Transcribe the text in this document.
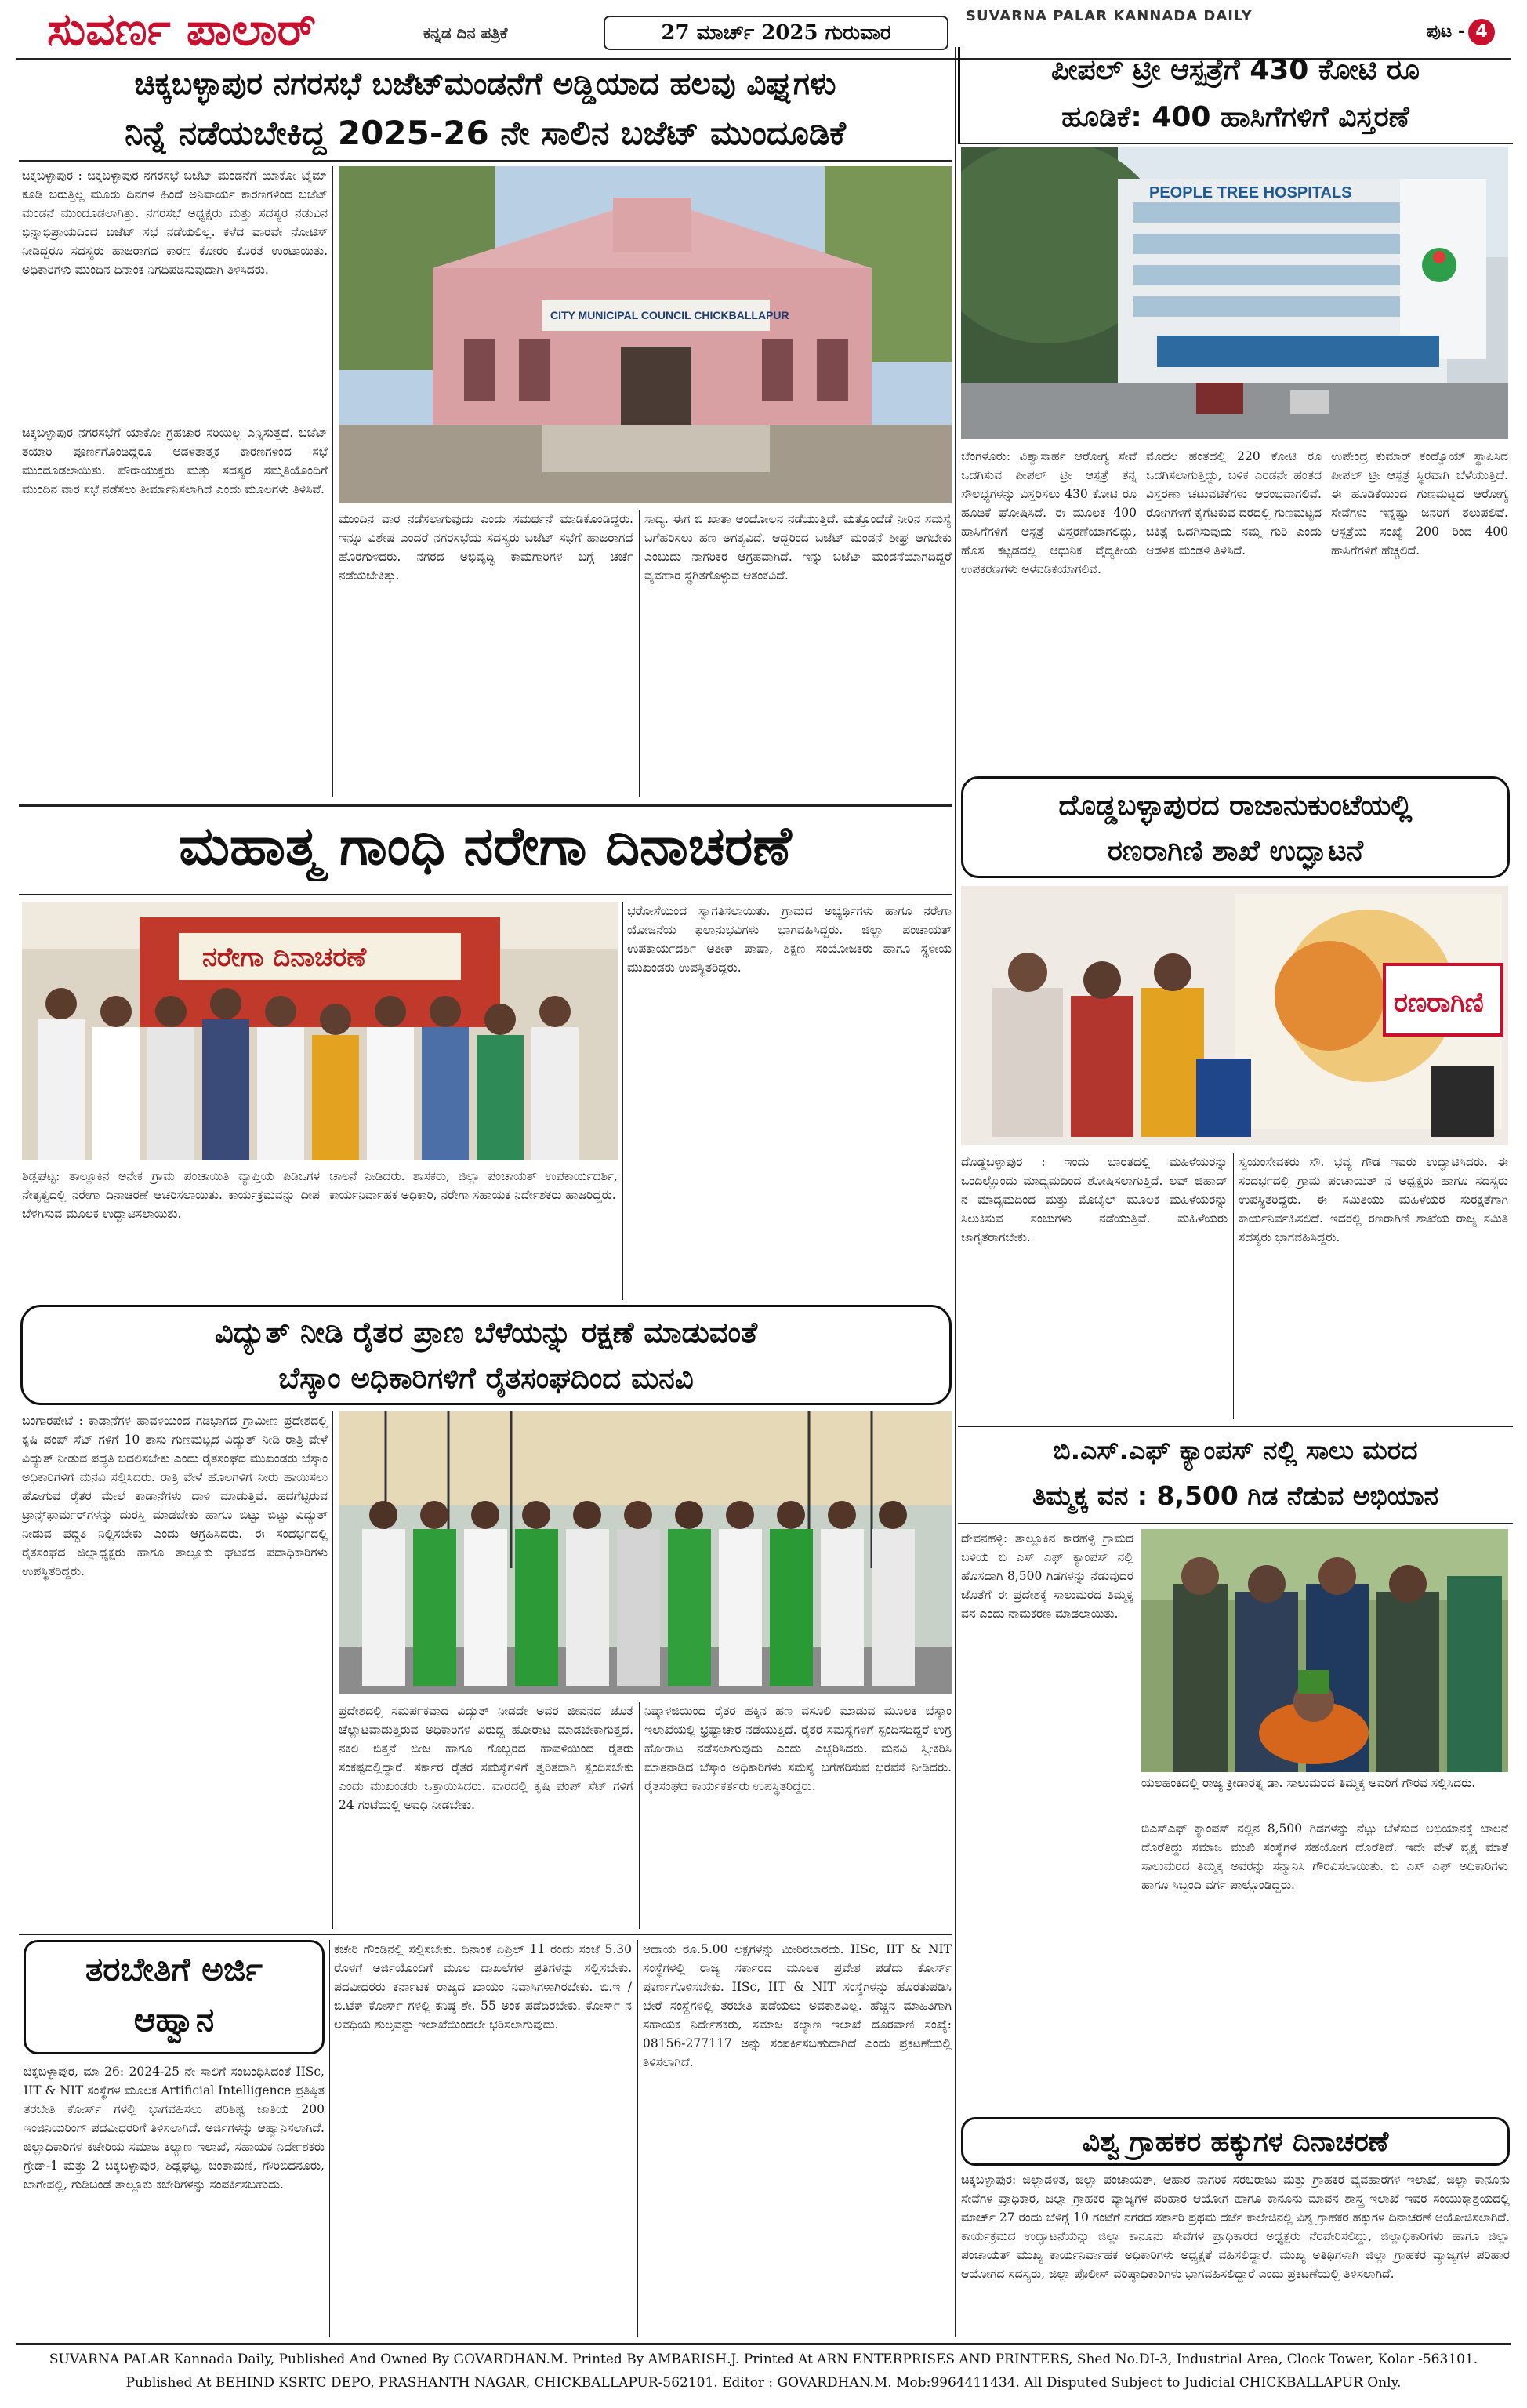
ಸುವರ್ಣ ಪಾಲಾರ್	ಕನ್ನಡ ದಿನ ಪತ್ರಿಕೆ	27 ಮಾರ್ಚ್ 2025 ಗುರುವಾರ
SUVARNA PALAR KANNADA DAILY
ಪುಟ - 4
ಚಿಕ್ಕಬಳ್ಳಾಪುರ ನಗರಸಭೆ ಬಜೆಟ್‌ಮಂಡನೆಗೆ ಅಡ್ಡಿಯಾದ ಹಲವು ವಿಘ್ನಗಳು
ನಿನ್ನೆ ನಡೆಯಬೇಕಿದ್ದ 2025-26 ನೇ ಸಾಲಿನ ಬಜೆಟ್ ಮುಂದೂಡಿಕೆ
ಪೀಪಲ್ ಟ್ರೀ ಆಸ್ಪತ್ರೆಗೆ 430 ಕೋಟಿ ರೂ
ಹೂಡಿಕೆ: 400 ಹಾಸಿಗೆಗಳಿಗೆ ವಿಸ್ತರಣೆ
PEOPLE TREE HOSPITALS
ಬೆಂಗಳೂರು: ವಿಶ್ವಾಸಾರ್ಹ ಆರೋಗ್ಯ ಸೇವೆ ಒದಗಿಸುವ ಪೀಪಲ್ ಟ್ರೀ ಆಸ್ಪತ್ರೆ ತನ್ನ ಸೌಲಭ್ಯಗಳನ್ನು ವಿಸ್ತರಿಸಲು 430 ಕೋಟಿ ರೂ ಹೂಡಿಕೆ ಘೋಷಿಸಿದೆ. ಈ ಮೂಲಕ 400 ಹಾಸಿಗೆಗಳಿಗೆ ಆಸ್ಪತ್ರೆ ವಿಸ್ತರಣೆಯಾಗಲಿದ್ದು, ಹೊಸ ಕಟ್ಟಡದಲ್ಲಿ ಆಧುನಿಕ ವೈದ್ಯಕೀಯ ಉಪಕರಣಗಳು ಅಳವಡಿಕೆಯಾಗಲಿವೆ.
ಮೊದಲ ಹಂತದಲ್ಲಿ 220 ಕೋಟಿ ರೂ ಒದಗಿಸಲಾಗುತ್ತಿದ್ದು, ಬಳಿಕ ಎರಡನೇ ಹಂತದ ವಿಸ್ತರಣಾ ಚಟುವಟಿಕೆಗಳು ಆರಂಭವಾಗಲಿವೆ. ರೋಗಿಗಳಿಗೆ ಕೈಗೆಟಕುವ ದರದಲ್ಲಿ ಗುಣಮಟ್ಟದ ಚಿಕಿತ್ಸೆ ಒದಗಿಸುವುದು ನಮ್ಮ ಗುರಿ ಎಂದು ಆಡಳಿತ ಮಂಡಳಿ ತಿಳಿಸಿದೆ.
ಉಪೇಂದ್ರ ಕುಮಾರ್ ಕಂದ್ವೊಯ್ ಸ್ಥಾಪಿಸಿದ ಪೀಪಲ್ ಟ್ರೀ ಆಸ್ಪತ್ರೆ ಸ್ಥಿರವಾಗಿ ಬೆಳೆಯುತ್ತಿದೆ. ಈ ಹೂಡಿಕೆಯಿಂದ ಗುಣಮಟ್ಟದ ಆರೋಗ್ಯ ಸೇವೆಗಳು ಇನ್ನಷ್ಟು ಜನರಿಗೆ ತಲುಪಲಿವೆ. ಆಸ್ಪತ್ರೆಯ ಸಂಖ್ಯೆ 200 ರಿಂದ 400 ಹಾಸಿಗೆಗಳಿಗೆ ಹೆಚ್ಚಲಿದೆ.
ಚಿಕ್ಕಬಳ್ಳಾಪುರ : ಚಿಕ್ಕಬಳ್ಳಾಪುರ ನಗರಸಭೆ ಬಜೆಟ್ ಮಂಡನೆಗೆ ಯಾಕೋ ಟೈಮ್ ಕೂಡಿ ಬರುತ್ತಿಲ್ಲ ಮೂರು ದಿನಗಳ ಹಿಂದೆ ಅನಿವಾರ್ಯ ಕಾರಣಗಳಿಂದ ಬಜೆಟ್ ಮಂಡನೆ ಮುಂದೂಡಲಾಗಿತ್ತು. ನಗರಸಭೆ ಅಧ್ಯಕ್ಷರು ಮತ್ತು ಸದಸ್ಯರ ನಡುವಿನ ಭಿನ್ನಾಭಿಪ್ರಾಯದಿಂದ ಬಜೆಟ್ ಸಭೆ ನಡೆಯಲಿಲ್ಲ. ಕಳೆದ ವಾರವೇ ನೋಟಿಸ್ ನೀಡಿದ್ದರೂ ಸದಸ್ಯರು ಹಾಜರಾಗದ ಕಾರಣ ಕೋರಂ ಕೊರತೆ ಉಂಟಾಯಿತು. ಅಧಿಕಾರಿಗಳು ಮುಂದಿನ ದಿನಾಂಕ ನಿಗದಿಪಡಿಸುವುದಾಗಿ ತಿಳಿಸಿದರು.
CITY MUNICIPAL COUNCIL CHICKBALLAPUR
ಚಿಕ್ಕಬಳ್ಳಾಪುರ ನಗರಸಭೆಗೆ ಯಾಕೋ ಗ್ರಹಚಾರ ಸರಿಯಿಲ್ಲ ಎನ್ನಿಸುತ್ತದೆ. ಬಜೆಟ್ ತಯಾರಿ ಪೂರ್ಣಗೊಂಡಿದ್ದರೂ ಆಡಳಿತಾತ್ಮಕ ಕಾರಣಗಳಿಂದ ಸಭೆ ಮುಂದೂಡಲಾಯಿತು. ಪೌರಾಯುಕ್ತರು ಮತ್ತು ಸದಸ್ಯರ ಸಮ್ಮತಿಯೊಂದಿಗೆ ಮುಂದಿನ ವಾರ ಸಭೆ ನಡೆಸಲು ತೀರ್ಮಾನಿಸಲಾಗಿದೆ ಎಂದು ಮೂಲಗಳು ತಿಳಿಸಿವೆ.
ಮುಂದಿನ ವಾರ ನಡೆಸಲಾಗುವುದು ಎಂದು ಸಮರ್ಥನೆ ಮಾಡಿಕೊಂಡಿದ್ದರು. ಇನ್ನೂ ವಿಶೇಷ ಎಂದರೆ ನಗರಸಭೆಯ ಸದಸ್ಯರು ಬಜೆಟ್ ಸಭೆಗೆ ಹಾಜರಾಗದೆ ಹೊರಗುಳಿದರು. ನಗರದ ಅಭಿವೃದ್ಧಿ ಕಾಮಗಾರಿಗಳ ಬಗ್ಗೆ ಚರ್ಚೆ ನಡೆಯಬೇಕಿತ್ತು.
ಸಾದ್ಯ. ಈಗ ಬಿ ಖಾತಾ ಆಂದೋಲನ ನಡೆಯುತ್ತಿದೆ. ಮತ್ತೊಂದೆಡೆ ನೀರಿನ ಸಮಸ್ಯೆ ಬಗೆಹರಿಸಲು ಹಣ ಅಗತ್ಯವಿದೆ. ಆದ್ದರಿಂದ ಬಜೆಟ್ ಮಂಡನೆ ಶೀಘ್ರ ಆಗಬೇಕು ಎಂಬುದು ನಾಗರಿಕರ ಆಗ್ರಹವಾಗಿದೆ. ಇನ್ನು ಬಜೆಟ್ ಮಂಡನೆಯಾಗದಿದ್ದರೆ ವ್ಯವಹಾರ ಸ್ಥಗಿತಗೊಳ್ಳುವ ಆತಂಕವಿದೆ.
ದೊಡ್ಡಬಳ್ಳಾಪುರದ ರಾಜಾನುಕುಂಟೆಯಲ್ಲಿ
ರಣರಾಗಿಣಿ ಶಾಖೆ ಉದ್ಘಾಟನೆ
ರಣರಾಗಿಣಿ
ದೊಡ್ಡಬಳ್ಳಾಪುರ : ಇಂದು ಭಾರತದಲ್ಲಿ ಮಹಿಳೆಯರನ್ನು ಒಂದಿಲ್ಲೊಂದು ಮಾದ್ಯಮದಿಂದ ಶೋಷಿಸಲಾಗುತ್ತಿದೆ. ಲವ್ ಜಿಹಾದ್ ನ ಮಾದ್ಯಮದಿಂದ ಮತ್ತು ಮೊಬೈಲ್ ಮೂಲಕ ಮಹಿಳೆಯರನ್ನು ಸಿಲುಕಿಸುವ ಸಂಚುಗಳು ನಡೆಯುತ್ತಿವೆ. ಮಹಿಳೆಯರು ಜಾಗೃತರಾಗಬೇಕು.
ಸ್ವಯಂಸೇವಕರು ಸೌ. ಭವ್ಯ ಗೌಡ ಇವರು ಉದ್ಘಾಟಿಸಿದರು. ಈ ಸಂದರ್ಭದಲ್ಲಿ ಗ್ರಾಮ ಪಂಚಾಯತ್‌ ನ ಅಧ್ಯಕ್ಷರು ಹಾಗೂ ಸದಸ್ಯರು ಉಪಸ್ಥಿತರಿದ್ದರು. ಈ ಸಮಿತಿಯು ಮಹಿಳೆಯರ ಸುರಕ್ಷತೆಗಾಗಿ ಕಾರ್ಯನಿರ್ವಹಿಸಲಿದೆ. ಇದರಲ್ಲಿ ರಣರಾಗಿಣಿ ಶಾಖೆಯ ರಾಜ್ಯ ಸಮಿತಿ ಸದಸ್ಯರು ಭಾಗವಹಿಸಿದ್ದರು.
ಬಿ.ಎಸ್.ಎಫ್ ಕ್ಯಾಂಪಸ್ ನಲ್ಲಿ ಸಾಲು ಮರದ
ತಿಮ್ಮಕ್ಕ ವನ : 8,500 ಗಿಡ ನೆಡುವ ಅಭಿಯಾನ
ದೇವನಹಳ್ಳಿ: ತಾಲ್ಲೂಕಿನ ಕಾರಹಳ್ಳಿ ಗ್ರಾಮದ ಬಳಿಯ ಬಿ ಎಸ್ ಎಫ್ ಕ್ಯಾಂಪಸ್ ನಲ್ಲಿ ಹೊಸದಾಗಿ 8,500 ಗಿಡಗಳನ್ನು ನೆಡುವುದರ ಜೊತೆಗೆ ಈ ಪ್ರದೇಶಕ್ಕೆ ಸಾಲುಮರದ ತಿಮ್ಮಕ್ಕ ವನ ಎಂದು ನಾಮಕರಣ ಮಾಡಲಾಯಿತು.
ಯಲಹಂಕದಲ್ಲಿ ರಾಜ್ಯ ಕ್ರೀಡಾರತ್ನ ಡಾ. ಸಾಲುಮರದ ತಿಮ್ಮಕ್ಕ ಅವರಿಗೆ ಗೌರವ ಸಲ್ಲಿಸಿದರು.
ಬಿಎಸ್‌ಎಫ್ ಕ್ಯಾಂಪಸ್ ನಲ್ಲಿನ 8,500 ಗಿಡಗಳನ್ನು ನೆಟ್ಟು ಬೆಳೆಸುವ ಅಭಿಯಾನಕ್ಕೆ ಚಾಲನೆ ದೊರೆತಿದ್ದು ಸಮಾಜ ಮುಖಿ ಸಂಸ್ಥೆಗಳ ಸಹಯೋಗ ದೊರೆತಿದೆ. ಇದೇ ವೇಳೆ ವೃಕ್ಷ ಮಾತೆ ಸಾಲುಮರದ ತಿಮ್ಮಕ್ಕ ಅವರನ್ನು ಸನ್ಮಾನಿಸಿ ಗೌರವಿಸಲಾಯಿತು. ಬಿ ಎಸ್ ಎಫ್ ಅಧಿಕಾರಿಗಳು ಹಾಗೂ ಸಿಬ್ಬಂದಿ ವರ್ಗ ಪಾಲ್ಗೊಂಡಿದ್ದರು.
ಮಹಾತ್ಮ ಗಾಂಧಿ ನರೇಗಾ ದಿನಾಚರಣೆ
ನರೇಗಾ ದಿನಾಚರಣೆ
ಶಿಡ್ಲಘಟ್ಟ: ತಾಲ್ಲೂಕಿನ ಅನೇಕ ಗ್ರಾಮ ಪಂಚಾಯಿತಿ ವ್ಯಾಪ್ತಿಯ ಪಿಡಿಒಗಳ ನೇತೃತ್ವದಲ್ಲಿ ನರೇಗಾ ದಿನಾಚರಣೆ ಆಚರಿಸಲಾಯಿತು. ಕಾರ್ಯಕ್ರಮವನ್ನು ದೀಪ ಬೆಳಗಿಸುವ ಮೂಲಕ ಉದ್ಘಾಟಿಸಲಾಯಿತು.
ಚಾಲನೆ ನೀಡಿದರು. ಶಾಸಕರು, ಜಿಲ್ಲಾ ಪಂಚಾಯತ್ ಉಪಕಾರ್ಯದರ್ಶಿ, ಕಾರ್ಯನಿರ್ವಾಹಕ ಅಧಿಕಾರಿ, ನರೇಗಾ ಸಹಾಯಕ ನಿರ್ದೇಶಕರು ಹಾಜರಿದ್ದರು.
ಭರೋಸೆಯಿಂದ ಸ್ವಾಗತಿಸಲಾಯಿತು. ಗ್ರಾಮದ ಅಭ್ಯರ್ಥಿಗಳು ಹಾಗೂ ನರೇಗಾ ಯೋಜನೆಯ ಫಲಾನುಭವಿಗಳು ಭಾಗವಹಿಸಿದ್ದರು. ಜಿಲ್ಲಾ ಪಂಚಾಯತ್ ಉಪಕಾರ್ಯದರ್ಶಿ ಅತೀಕ್ ಪಾಷಾ, ಶಿಕ್ಷಣ ಸಂಯೋಜಕರು ಹಾಗೂ ಸ್ಥಳೀಯ ಮುಖಂಡರು ಉಪಸ್ಥಿತರಿದ್ದರು.
ವಿದ್ಯುತ್ ನೀಡಿ ರೈತರ ಪ್ರಾಣ ಬೆಳೆಯನ್ನು ರಕ್ಷಣೆ ಮಾಡುವಂತೆ
ಬೆಸ್ಕಾಂ ಅಧಿಕಾರಿಗಳಿಗೆ ರೈತಸಂಘದಿಂದ ಮನವಿ
ಬಂಗಾರಪೇಟೆ : ಕಾಡಾನೆಗಳ ಹಾವಳಿಯಿಂದ ಗಡಿಭಾಗದ ಗ್ರಾಮೀಣ ಪ್ರದೇಶದಲ್ಲಿ ಕೃಷಿ ಪಂಪ್ ಸೆಟ್ ಗಳಿಗೆ 10 ತಾಸು ಗುಣಮಟ್ಟದ ವಿದ್ಯುತ್ ನೀಡಿ ರಾತ್ರಿ ವೇಳೆ ವಿದ್ಯುತ್ ನೀಡುವ ಪದ್ಧತಿ ಬದಲಿಸಬೇಕು ಎಂದು ರೈತಸಂಘದ ಮುಖಂಡರು ಬೆಸ್ಕಾಂ ಅಧಿಕಾರಿಗಳಿಗೆ ಮನವಿ ಸಲ್ಲಿಸಿದರು. ರಾತ್ರಿ ವೇಳೆ ಹೊಲಗಳಿಗೆ ನೀರು ಹಾಯಿಸಲು ಹೋಗುವ ರೈತರ ಮೇಲೆ ಕಾಡಾನೆಗಳು ದಾಳಿ ಮಾಡುತ್ತಿವೆ. ಹದಗೆಟ್ಟಿರುವ ಟ್ರಾನ್ಸ್‌ಫಾರ್ಮರ್‌ಗಳನ್ನು ದುರಸ್ತಿ ಮಾಡಬೇಕು ಹಾಗೂ ಬಿಟ್ಟು ಬಿಟ್ಟು ವಿದ್ಯುತ್ ನೀಡುವ ಪದ್ಧತಿ ನಿಲ್ಲಿಸಬೇಕು ಎಂದು ಆಗ್ರಹಿಸಿದರು. ಈ ಸಂದರ್ಭದಲ್ಲಿ ರೈತಸಂಘದ ಜಿಲ್ಲಾಧ್ಯಕ್ಷರು ಹಾಗೂ ತಾಲ್ಲೂಕು ಘಟಕದ ಪದಾಧಿಕಾರಿಗಳು ಉಪಸ್ಥಿತರಿದ್ದರು.
ಪ್ರದೇಶದಲ್ಲಿ ಸಮರ್ಪಕವಾದ ವಿದ್ಯುತ್ ನೀಡದೇ ಅವರ ಜೀವನದ ಜೊತೆ ಚೆಲ್ಲಾಟವಾಡುತ್ತಿರುವ ಅಧಿಕಾರಿಗಳ ವಿರುದ್ಧ ಹೋರಾಟ ಮಾಡಬೇಕಾಗುತ್ತದೆ. ನಕಲಿ ಬಿತ್ತನೆ ಬೀಜ ಹಾಗೂ ಗೊಬ್ಬರದ ಹಾವಳಿಯಿಂದ ರೈತರು ಸಂಕಷ್ಟದಲ್ಲಿದ್ದಾರೆ. ಸರ್ಕಾರ ರೈತರ ಸಮಸ್ಯೆಗಳಿಗೆ ತ್ವರಿತವಾಗಿ ಸ್ಪಂದಿಸಬೇಕು ಎಂದು ಮುಖಂಡರು ಒತ್ತಾಯಿಸಿದರು. ವಾರದಲ್ಲಿ ಕೃಷಿ ಪಂಪ್ ಸೆಟ್ ಗಳಿಗೆ 24 ಗಂಟೆಯಲ್ಲಿ ಅವಧಿ ನೀಡಬೇಕು.
ನಿಷ್ಕಾಳಜಿಯಿಂದ ರೈತರ ಹಕ್ಕಿನ ಹಣ ವಸೂಲಿ ಮಾಡುವ ಮೂಲಕ ಬೆಸ್ಕಾಂ ಇಲಾಖೆಯಲ್ಲಿ ಭ್ರಷ್ಟಾಚಾರ ನಡೆಯುತ್ತಿದೆ. ರೈತರ ಸಮಸ್ಯೆಗಳಿಗೆ ಸ್ಪಂದಿಸದಿದ್ದರೆ ಉಗ್ರ ಹೋರಾಟ ನಡೆಸಲಾಗುವುದು ಎಂದು ಎಚ್ಚರಿಸಿದರು. ಮನವಿ ಸ್ವೀಕರಿಸಿ ಮಾತನಾಡಿದ ಬೆಸ್ಕಾಂ ಅಧಿಕಾರಿಗಳು ಸಮಸ್ಯೆ ಬಗೆಹರಿಸುವ ಭರವಸೆ ನೀಡಿದರು. ರೈತಸಂಘದ ಕಾರ್ಯಕರ್ತರು ಉಪಸ್ಥಿತರಿದ್ದರು.
ತರಬೇತಿಗೆ ಅರ್ಜಿ
ಆಹ್ವಾನ
ಚಿಕ್ಕಬಳ್ಳಾಪುರ, ಮಾ 26: 2024-25 ನೇ ಸಾಲಿಗೆ ಸಂಬಂಧಿಸಿದಂತೆ IISc, IIT & NIT ಸಂಸ್ಥೆಗಳ ಮೂಲಕ Artificial Intelligence ಪ್ರತಿಷ್ಠಿತ ತರಬೇತಿ ಕೋರ್ಸ್ ಗಳಲ್ಲಿ ಭಾಗವಹಿಸಲು ಪರಿಶಿಷ್ಟ ಜಾತಿಯ 200 ಇಂಜಿನಿಯರಿಂಗ್ ಪದವೀಧರರಿಗೆ ತಿಳಿಸಲಾಗಿದೆ. ಅರ್ಜಿಗಳನ್ನು ಆಹ್ವಾನಿಸಲಾಗಿದೆ. ಜಿಲ್ಲಾಧಿಕಾರಿಗಳ ಕಚೇರಿಯ ಸಮಾಜ ಕಲ್ಯಾಣ ಇಲಾಖೆ, ಸಹಾಯಕ ನಿರ್ದೇಶಕರು ಗ್ರೇಡ್-1 ಮತ್ತು 2 ಚಿಕ್ಕಬಳ್ಳಾಪುರ, ಶಿಡ್ಲಘಟ್ಟ, ಚಿಂತಾಮಣಿ, ಗೌರಿಬಿದನೂರು, ಬಾಗೇಪಲ್ಲಿ, ಗುಡಿಬಂಡೆ ತಾಲ್ಲೂಕು ಕಚೇರಿಗಳನ್ನು ಸಂಪರ್ಕಿಸಬಹುದು.
ಕಚೇರಿ ಗೌಂಡಿನಲ್ಲಿ ಸಲ್ಲಿಸಬೇಕು. ದಿನಾಂಕ ಏಪ್ರಿಲ್ 11 ರಂದು ಸಂಜೆ 5.30 ರೊಳಗೆ ಅರ್ಜಿಯೊಂದಿಗೆ ಮೂಲ ದಾಖಲೆಗಳ ಪ್ರತಿಗಳನ್ನು ಸಲ್ಲಿಸಬೇಕು. ಪದವೀಧರರು ಕರ್ನಾಟಕ ರಾಜ್ಯದ ಖಾಯಂ ನಿವಾಸಿಗಳಾಗಿರಬೇಕು. ಬಿ.ಇ / ಬಿ.ಟೆಕ್ ಕೋರ್ಸ್ ಗಳಲ್ಲಿ ಕನಿಷ್ಠ ಶೇ. 55 ಅಂಕ ಪಡೆದಿರಬೇಕು. ಕೋರ್ಸ್ ನ ಅವಧಿಯ ಶುಲ್ಕವನ್ನು ಇಲಾಖೆಯಿಂದಲೇ ಭರಿಸಲಾಗುವುದು.
ಆದಾಯ ರೂ.5.00 ಲಕ್ಷಗಳನ್ನು ಮೀರಿರಬಾರದು. IISc, IIT & NIT ಸಂಸ್ಥೆಗಳಲ್ಲಿ ರಾಜ್ಯ ಸರ್ಕಾರದ ಮೂಲಕ ಪ್ರವೇಶ ಪಡೆದು ಕೋರ್ಸ್ ಪೂರ್ಣಗೊಳಿಸಬೇಕು. IISc, IIT & NIT ಸಂಸ್ಥೆಗಳನ್ನು ಹೊರತುಪಡಿಸಿ ಬೇರೆ ಸಂಸ್ಥೆಗಳಲ್ಲಿ ತರಬೇತಿ ಪಡೆಯಲು ಅವಕಾಶವಿಲ್ಲ. ಹೆಚ್ಚಿನ ಮಾಹಿತಿಗಾಗಿ ಸಹಾಯಕ ನಿರ್ದೇಶಕರು, ಸಮಾಜ ಕಲ್ಯಾಣ ಇಲಾಖೆ ದೂರವಾಣಿ ಸಂಖ್ಯೆ: 08156-277117 ಅನ್ನು ಸಂಪರ್ಕಿಸಬಹುದಾಗಿದೆ ಎಂದು ಪ್ರಕಟಣೆಯಲ್ಲಿ ತಿಳಿಸಲಾಗಿದೆ.
ವಿಶ್ವ ಗ್ರಾಹಕರ ಹಕ್ಕುಗಳ ದಿನಾಚರಣೆ
ಚಿಕ್ಕಬಳ್ಳಾಪುರ: ಜಿಲ್ಲಾಡಳಿತ, ಜಿಲ್ಲಾ ಪಂಚಾಯತ್, ಆಹಾರ ನಾಗರಿಕ ಸರಬರಾಜು ಮತ್ತು ಗ್ರಾಹಕರ ವ್ಯವಹಾರಗಳ ಇಲಾಖೆ, ಜಿಲ್ಲಾ ಕಾನೂನು ಸೇವೆಗಳ ಪ್ರಾಧಿಕಾರ, ಜಿಲ್ಲಾ ಗ್ರಾಹಕರ ವ್ಯಾಜ್ಯಗಳ ಪರಿಹಾರ ಆಯೋಗ ಹಾಗೂ ಕಾನೂನು ಮಾಪನ ಶಾಸ್ತ್ರ ಇಲಾಖೆ ಇವರ ಸಂಯುಕ್ತಾಶ್ರಯದಲ್ಲಿ ಮಾರ್ಚ್ 27 ರಂದು ಬೆಳಿಗ್ಗೆ 10 ಗಂಟೆಗೆ ನಗರದ ಸರ್ಕಾರಿ ಪ್ರಥಮ ದರ್ಜೆ ಕಾಲೇಜಿನಲ್ಲಿ ವಿಶ್ವ ಗ್ರಾಹಕರ ಹಕ್ಕುಗಳ ದಿನಾಚರಣೆ ಆಯೋಜಿಸಲಾಗಿದೆ. ಕಾರ್ಯಕ್ರಮದ ಉದ್ಘಾಟನೆಯನ್ನು ಜಿಲ್ಲಾ ಕಾನೂನು ಸೇವೆಗಳ ಪ್ರಾಧಿಕಾರದ ಅಧ್ಯಕ್ಷರು ನೆರವೇರಿಸಲಿದ್ದು, ಜಿಲ್ಲಾಧಿಕಾರಿಗಳು ಹಾಗೂ ಜಿಲ್ಲಾ ಪಂಚಾಯತ್ ಮುಖ್ಯ ಕಾರ್ಯನಿರ್ವಾಹಕ ಅಧಿಕಾರಿಗಳು ಅಧ್ಯಕ್ಷತೆ ವಹಿಸಲಿದ್ದಾರೆ. ಮುಖ್ಯ ಅತಿಥಿಗಳಾಗಿ ಜಿಲ್ಲಾ ಗ್ರಾಹಕರ ವ್ಯಾಜ್ಯಗಳ ಪರಿಹಾರ ಆಯೋಗದ ಸದಸ್ಯರು, ಜಿಲ್ಲಾ ಪೊಲೀಸ್ ವರಿಷ್ಠಾಧಿಕಾರಿಗಳು ಭಾಗವಹಿಸಲಿದ್ದಾರೆ ಎಂದು ಪ್ರಕಟಣೆಯಲ್ಲಿ ತಿಳಿಸಲಾಗಿದೆ.
SUVARNA PALAR Kannada Daily, Published And Owned By GOVARDHAN.M. Printed By AMBARISH.J. Printed At ARN ENTERPRISES AND PRINTERS, Shed No.DI-3, Industrial Area, Clock Tower, Kolar -563101.
Published At BEHIND KSRTC DEPO, PRASHANTH NAGAR, CHICKBALLAPUR-562101. Editor : GOVARDHAN.M. Mob:9964411434. All Disputed Subject to Judicial CHICKBALLAPUR Only.
